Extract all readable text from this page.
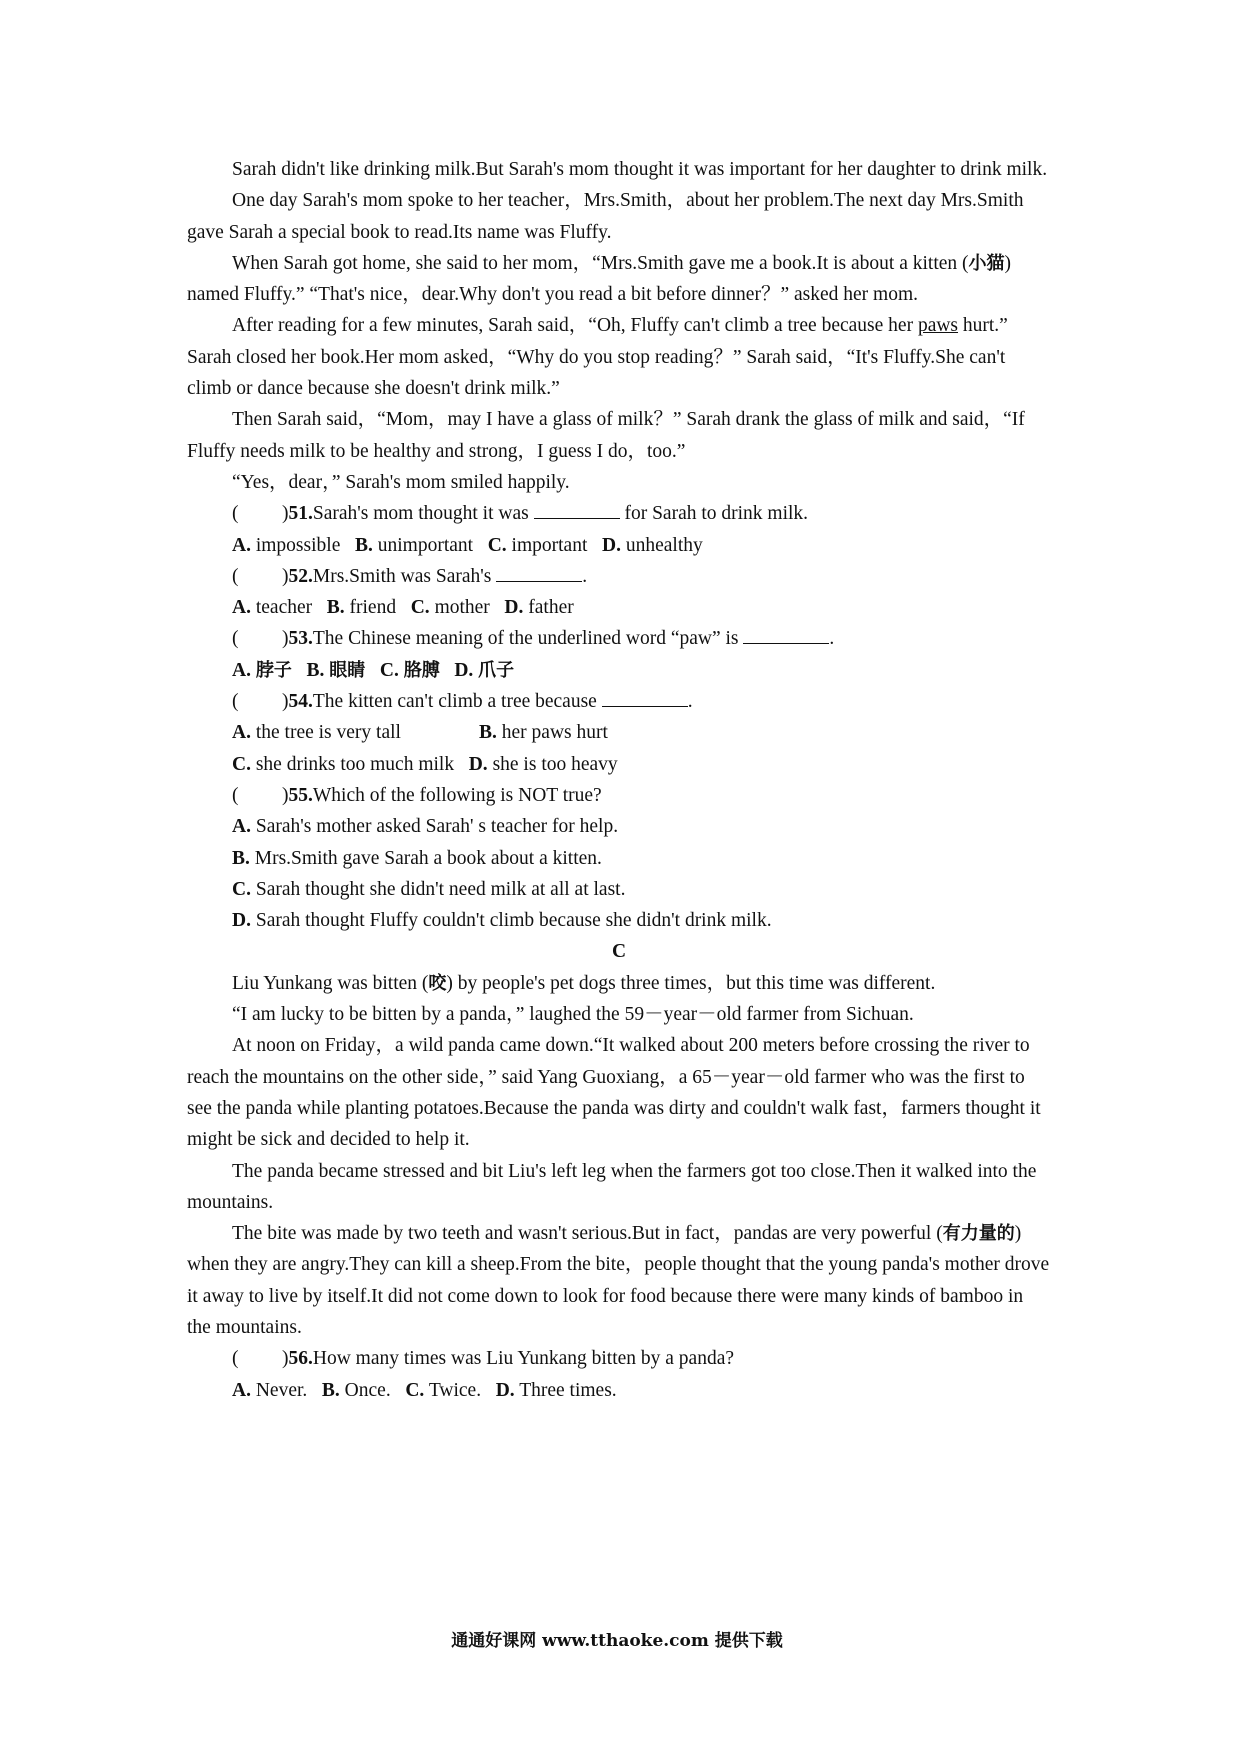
Sarah didn't like drinking milk.But Sarah's mom thought it was important for her daughter to drink milk.

One day Sarah's mom spoke to her teacher，Mrs.Smith，about her problem.The next day Mrs.Smith gave Sarah a special book to read.Its name was Fluffy.

When Sarah got home, she said to her mom，“Mrs.Smith gave me a book.It is about a kitten (小猫) named Fluffy.” “That's nice，dear.Why don't you read a bit before dinner？” asked her mom.

After reading for a few minutes, Sarah said，“Oh, Fluffy can't climb a tree because her paws hurt.” Sarah closed her book.Her mom asked，“Why do you stop reading？” Sarah said，“It's Fluffy.She can't climb or dance because she doesn't drink milk.”

Then Sarah said，“Mom，may I have a glass of milk？” Sarah drank the glass of milk and said，“If Fluffy needs milk to be healthy and strong，I guess I do，too.”

“Yes，dear，” Sarah's mom smiled happily.

( )51.Sarah's mom thought it was	for Sarah to drink milk.

A. impossible B. unimportant C. important D. unhealthy

( )52.Mrs.Smith was Sarah's	.

A. teacher B. friend C. mother D. father

( )53.The Chinese meaning of the underlined word “paw” is	.

A. 脖子 B. 眼睛 C. 胳膊 D. 爪子

( )54.The kitten can't climb a tree because	.

A. the tree is very tall	B. her paws hurt

C. she drinks too much milk D. she is too heavy

( )55.Which of the following is NOT true?

A. Sarah's mother asked Sarah' s teacher for help.

B. Mrs.Smith gave Sarah a book about a kitten.

C. Sarah thought she didn't need milk at all at last.

D. Sarah thought Fluffy couldn't climb because she didn't drink milk.

C

Liu Yunkang was bitten (咬) by people's pet dogs three times，but this time was different.

“I am lucky to be bitten by a panda，” laughed the 59－year－old farmer from Sichuan.

At noon on Friday，a wild panda came down.“It walked about 200 meters before crossing the river to reach the mountains on the other side，” said Yang Guoxiang，a 65－year－old farmer who was the first to see the panda while planting potatoes.Because the panda was dirty and couldn't walk fast，farmers thought it might be sick and decided to help it.

The panda became stressed and bit Liu's left leg when the farmers got too close.Then it walked into the mountains.

The bite was made by two teeth and wasn't serious.But in fact，pandas are very powerful (有力量的) when they are angry.They can kill a sheep.From the bite，people thought that the young panda's mother drove it away to live by itself.It did not come down to look for food because there were many kinds of bamboo in the mountains.

( )56.How many times was Liu Yunkang bitten by a panda?

A. Never. B. Once. C. Twice. D. Three times.

通通好课网 www.tthaoke.com 提供下载
